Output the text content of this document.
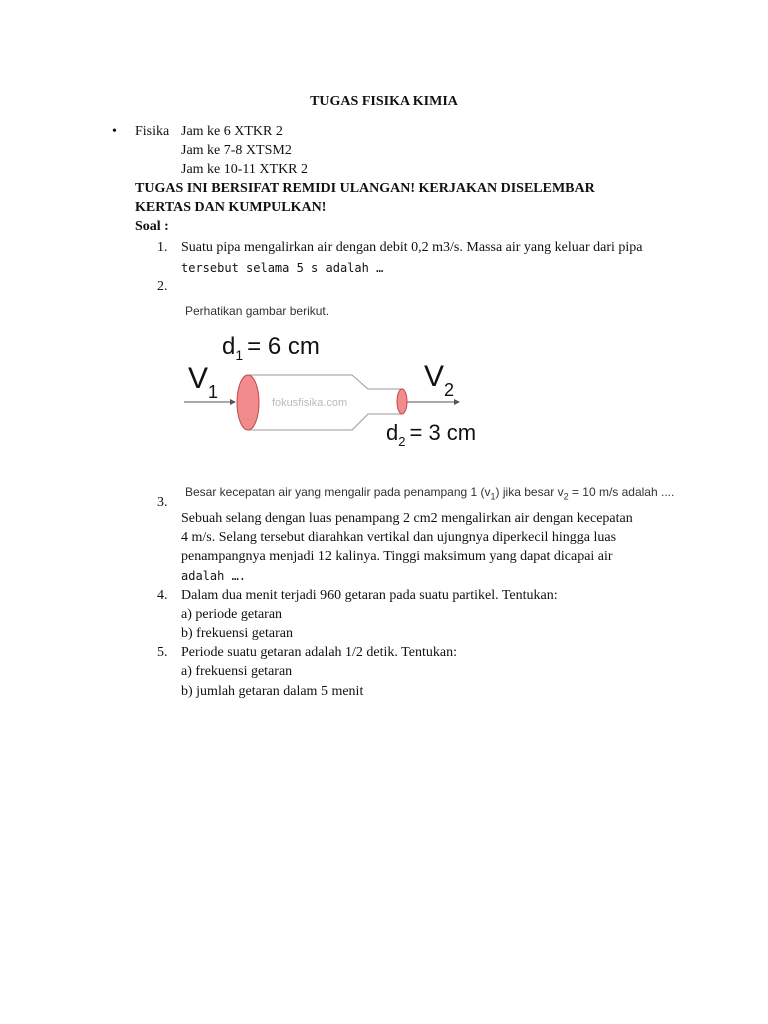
TUGAS FISIKA KIMIA
• Fisika Jam ke 6 XTKR 2
Jam ke 7-8 XTSM2
Jam ke 10-11 XTKR 2
TUGAS INI BERSIFAT REMIDI ULANGAN! KERJAKAN DISELEMBAR
KERTAS DAN KUMPULKAN!
Soal :
1. Suatu pipa mengalirkan air dengan debit 0,2 m3/s. Massa air yang keluar dari pipa
tersebut selama 5 s adalah …
2.
Perhatikan gambar berikut.
$d_1 = 6$ cm
$V_1$	$V_2$
fokusfisika.com
$d_2 = 3$ cm
Besar kecepatan air yang mengalir pada penampang 1 $(v_1)$ jika besar $v_2 = 10$ m/s adalah ....
3.
Sebuah selang dengan luas penampang 2 cm2 mengalirkan air dengan kecepatan
4 m/s. Selang tersebut diarahkan vertikal dan ujungnya diperkecil hingga luas
penampangnya menjadi 12 kalinya. Tinggi maksimum yang dapat dicapai air
adalah ….
4. Dalam dua menit terjadi 960 getaran pada suatu partikel. Tentukan:
a) periode getaran
b) frekuensi getaran
5. Periode suatu getaran adalah 1/2 detik. Tentukan:
a) frekuensi getaran
b) jumlah getaran dalam 5 menit
